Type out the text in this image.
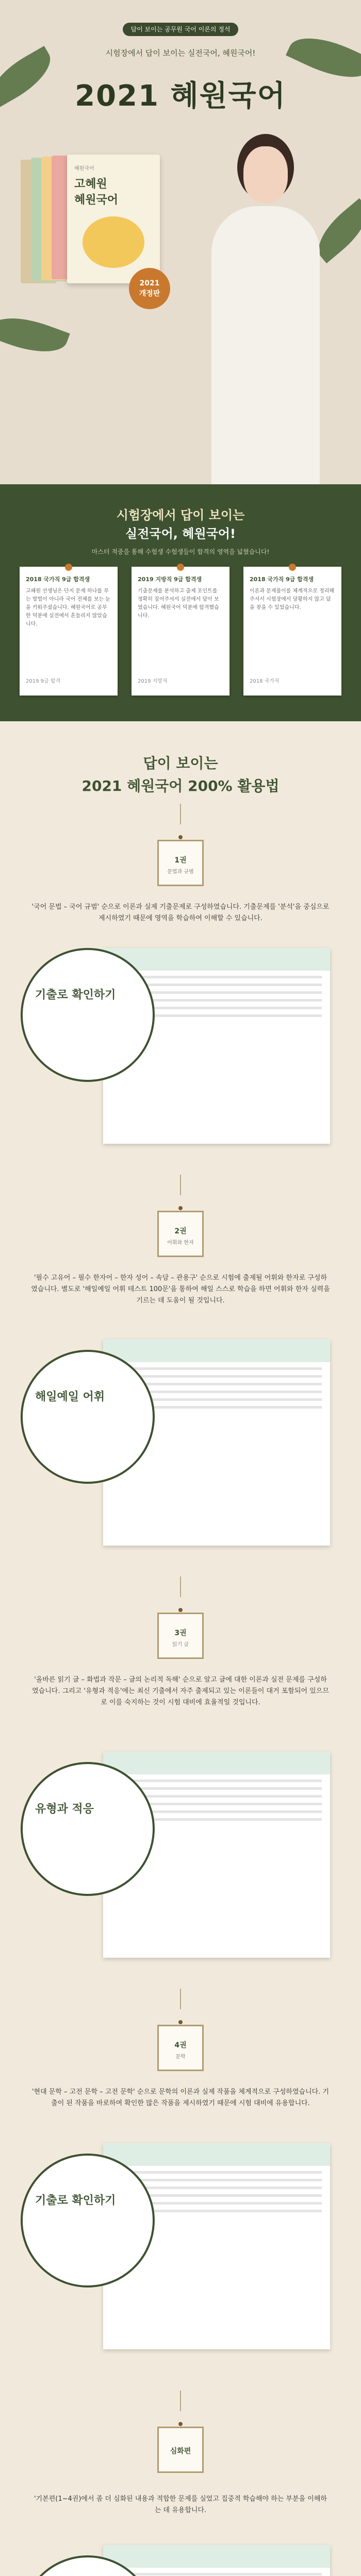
답이 보이는 공무원 국어 이론의 정석
시험장에서 답이 보이는 실전국어, 혜원국어!
2021 혜원국어
혜원국어
고혜원
혜원국어
2021
개정판
시험장에서 답이 보이는
실전국어, 혜원국어!
마스터 적중을 통해 수험생 수험생들이 합격의 영역을 넓혔습니다!
2018 국가직 9급 합격생
고혜원 선생님은 단지 문제 하나를 푸는 방법이 아니라 국어 전체를 보는 눈을 키워주셨습니다. 혜원국어로 공부한 덕분에 실전에서 흔들리지 않았습니다.
2019 9급 합격
2019 지방직 9급 합격생
기출문제를 분석하고 출제 포인트를 정확히 짚어주셔서 실전에서 답이 보였습니다. 혜원국어 덕분에 합격했습니다.
2019 지방직
2018 국가직 9급 합격생
이론과 문제풀이를 체계적으로 정리해 주셔서 시험장에서 당황하지 않고 답을 찾을 수 있었습니다.
2018 국가직
답이 보이는
2021 혜원국어 200% 활용법
1권
문법과 규범
'국어 문법 – 국어 규범' 순으로 이론과 실제 기출문제로 구성하였습니다. 기출문제를 '분석'을 중심으로 제시하였기 때문에 영역을 학습하여 이해할 수 있습니다.
기출로 확인하기
2권
어휘와 한자
'필수 고유어 – 필수 한자어 – 한자 성어 – 속담 – 관용구' 순으로 시험에 출제될 어휘와 한자로 구성하였습니다. 별도로 '해일예일 어휘 테스트 100문'을 통하여 해일 스스로 학습을 하면 어휘와 한자 실력을 기르는 데 도움이 될 것입니다.
해일예일 어휘
3권
읽기 글
'올바른 읽기 글 – 화법과 작문 – 글의 논리적 독해' 순으로 알고 글에 대한 이론과 실전 문제를 구성하였습니다. 그리고 '유형과 적응'에는 최신 기출에서 자주 출제되고 있는 이론들이 대거 포함되어 있으므로 이를 숙지하는 것이 시험 대비에 효율적일 것입니다.
유형과 적응
4권
문학
'현대 문학 – 고전 문학 – 고전 문학' 순으로 문학의 이론과 실제 작품을 체계적으로 구성하였습니다. 기출이 된 작품을 바로하며 확인한 많은 작품을 제시하였기 때문에 시험 대비에 유용합니다.
기출로 확인하기
심화편
'기본편(1~4권)에서 좀 더 심화된 내용과 적합한 문제를 실었고 집중적 학습해야 하는 부분을 이해하는 데 유용합니다.
